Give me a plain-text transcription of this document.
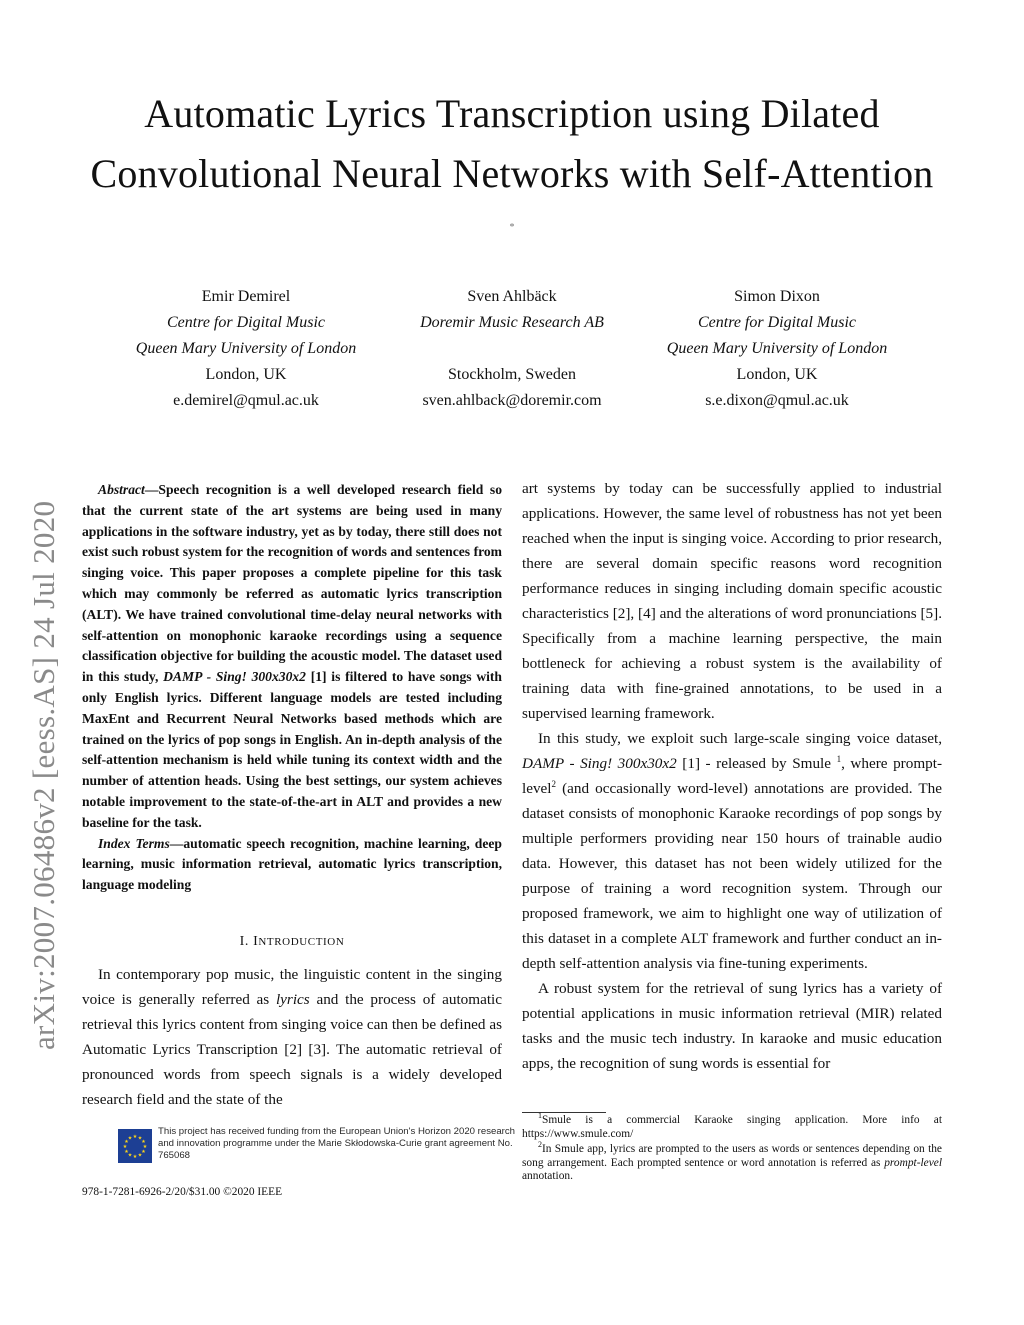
Automatic Lyrics Transcription using Dilated
Convolutional Neural Networks with Self-Attention
*
Emir Demirel
Centre for Digital Music
Queen Mary University of London
London, UK
e.demirel@qmul.ac.uk
Sven Ahlbäck
Doremir Music Research AB
Stockholm, Sweden
sven.ahlback@doremir.com
Simon Dixon
Centre for Digital Music
Queen Mary University of London
London, UK
s.e.dixon@qmul.ac.uk
arXiv:2007.06486v2 [eess.AS] 24 Jul 2020

Abstract—Speech recognition is a well developed research field so that the current state of the art systems are being used in many applications in the software industry, yet as by today, there still does not exist such robust system for the recognition of words and sentences from singing voice. This paper proposes a complete pipeline for this task which may commonly be referred as automatic lyrics transcription (ALT). We have trained convolutional time-delay neural networks with self-attention on monophonic karaoke recordings using a sequence classification objective for building the acoustic model. The dataset used in this study, DAMP - Sing! 300x30x2 [1] is filtered to have songs with only English lyrics. Different language models are tested including MaxEnt and Recurrent Neural Networks based methods which are trained on the lyrics of pop songs in English. An in-depth analysis of the self-attention mechanism is held while tuning its context width and the number of attention heads. Using the best settings, our system achieves notable improvement to the state-of-the-art in ALT and provides a new baseline for the task.

Index Terms—automatic speech recognition, machine learning, deep learning, music information retrieval, automatic lyrics transcription, language modeling

I. INTRODUCTION

In contemporary pop music, the linguistic content in the singing voice is generally referred as lyrics and the process of automatic retrieval this lyrics content from singing voice can then be defined as Automatic Lyrics Transcription [2] [3]. The automatic retrieval of pronounced words from speech signals is a widely developed research field and the state of the

art systems by today can be successfully applied to industrial applications. However, the same level of robustness has not yet been reached when the input is singing voice. According to prior research, there are several domain specific reasons word recognition performance reduces in singing including domain specific acoustic characteristics [2], [4] and the alterations of word pronunciations [5]. Specifically from a machine learning perspective, the main bottleneck for achieving a robust system is the availability of training data with fine-grained annotations, to be used in a supervised learning framework.

In this study, we exploit such large-scale singing voice dataset, DAMP - Sing! 300x30x2 [1] - released by Smule $^1$, where prompt-level$^2$ (and occasionally word-level) annotations are provided. The dataset consists of monophonic Karaoke recordings of pop songs by multiple performers providing near 150 hours of trainable audio data. However, this dataset has not been widely utilized for the purpose of training a word recognition system. Through our proposed framework, we aim to highlight one way of utilization of this dataset in a complete ALT framework and further conduct an in-depth self-attention analysis via fine-tuning experiments.

A robust system for the retrieval of sung lyrics has a variety of potential applications in music information retrieval (MIR) related tasks and the music tech industry. In karaoke and music education apps, the recognition of sung words is essential for

$^1$Smule is a commercial Karaoke singing application. More info at https://www.smule.com/

$^2$In Smule app, lyrics are prompted to the users as words or sentences depending on the song arrangement. Each prompted sentence or word annotation is referred as prompt-level annotation.

★ ★
★
★
★
★
★
★
★
★
★
★
This project has received funding from the European Union's Horizon 2020 research and innovation programme under the Marie Skłodowska-Curie grant agreement No. 765068
978-1-7281-6926-2/20/$31.00 ©2020 IEEE
